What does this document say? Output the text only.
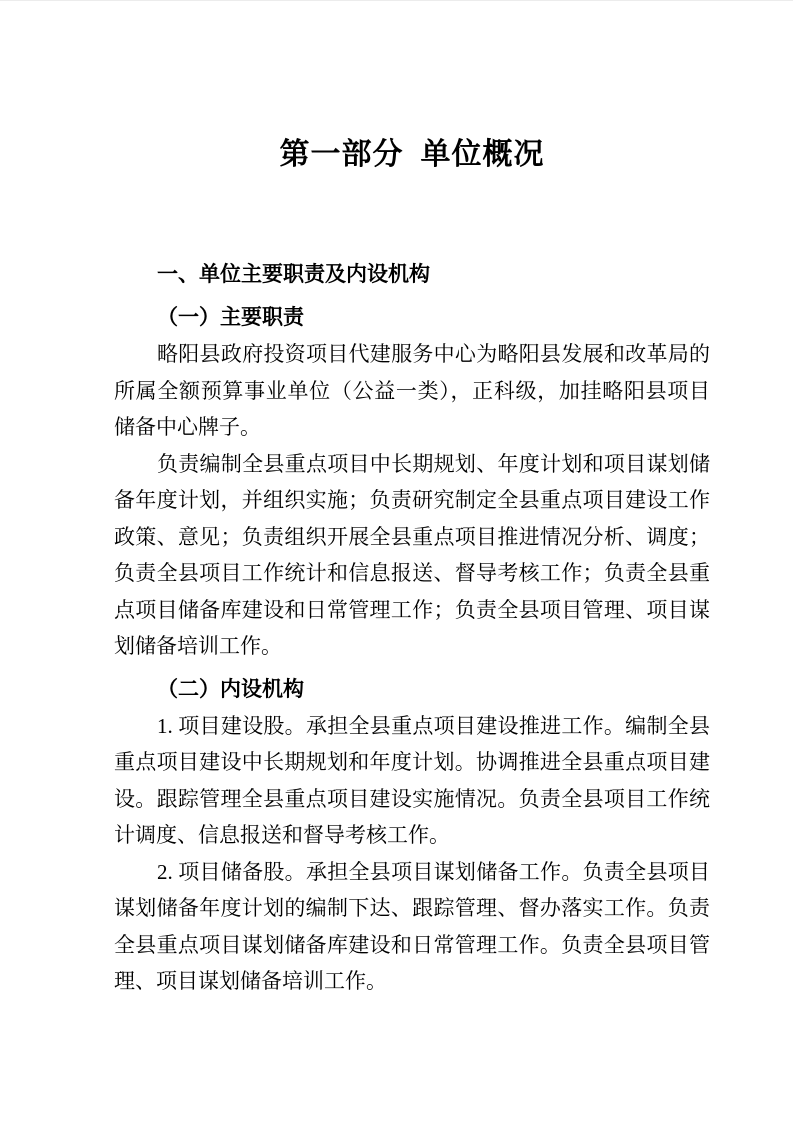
第一部分  单位概况
一、单位主要职责及内设机构
（一）主要职责

略阳县政府投资项目代建服务中心为略阳县发展和改革局的所属全额预算事业单位（公益一类），正科级，加挂略阳县项目储备中心牌子。

负责编制全县重点项目中长期规划、年度计划和项目谋划储备年度计划，并组织实施；负责研究制定全县重点项目建设工作政策、意见；负责组织开展全县重点项目推进情况分析、调度；负责全县项目工作统计和信息报送、督导考核工作；负责全县重点项目储备库建设和日常管理工作；负责全县项目管理、项目谋划储备培训工作。

（二）内设机构

1. 项目建设股。承担全县重点项目建设推进工作。编制全县重点项目建设中长期规划和年度计划。协调推进全县重点项目建设。跟踪管理全县重点项目建设实施情况。负责全县项目工作统计调度、信息报送和督导考核工作。

2. 项目储备股。承担全县项目谋划储备工作。负责全县项目谋划储备年度计划的编制下达、跟踪管理、督办落实工作。负责全县重点项目谋划储备库建设和日常管理工作。负责全县项目管理、项目谋划储备培训工作。
